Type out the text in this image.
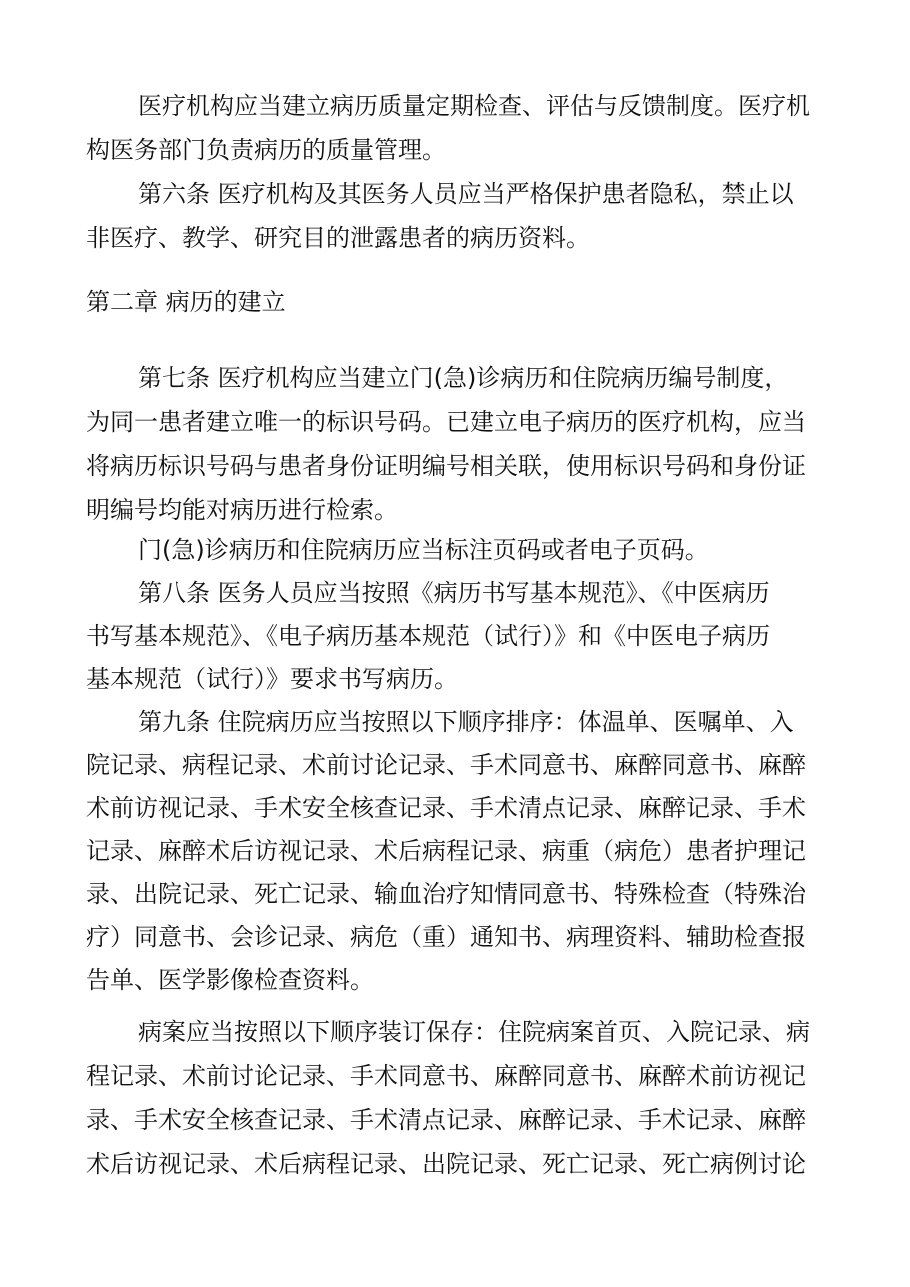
医疗机构应当建立病历质量定期检查、评估与反馈制度。医疗机
构医务部门负责病历的质量管理。
第六条 医疗机构及其医务人员应当严格保护患者隐私，禁止以
非医疗、教学、研究目的泄露患者的病历资料。
第二章 病历的建立
第七条 医疗机构应当建立门(急)诊病历和住院病历编号制度，
为同一患者建立唯一的标识号码。已建立电子病历的医疗机构，应当
将病历标识号码与患者身份证明编号相关联，使用标识号码和身份证
明编号均能对病历进行检索。
门(急)诊病历和住院病历应当标注页码或者电子页码。
第八条 医务人员应当按照《病历书写基本规范》、《中医病历
书写基本规范》、《电子病历基本规范（试行）》和《中医电子病历
基本规范（试行）》要求书写病历。
第九条 住院病历应当按照以下顺序排序：体温单、医嘱单、入
院记录、病程记录、术前讨论记录、手术同意书、麻醉同意书、麻醉
术前访视记录、手术安全核查记录、手术清点记录、麻醉记录、手术
记录、麻醉术后访视记录、术后病程记录、病重（病危）患者护理记
录、出院记录、死亡记录、输血治疗知情同意书、特殊检查（特殊治
疗）同意书、会诊记录、病危（重）通知书、病理资料、辅助检查报
告单、医学影像检查资料。
病案应当按照以下顺序装订保存：住院病案首页、入院记录、病
程记录、术前讨论记录、手术同意书、麻醉同意书、麻醉术前访视记
录、手术安全核查记录、手术清点记录、麻醉记录、手术记录、麻醉
术后访视记录、术后病程记录、出院记录、死亡记录、死亡病例讨论
